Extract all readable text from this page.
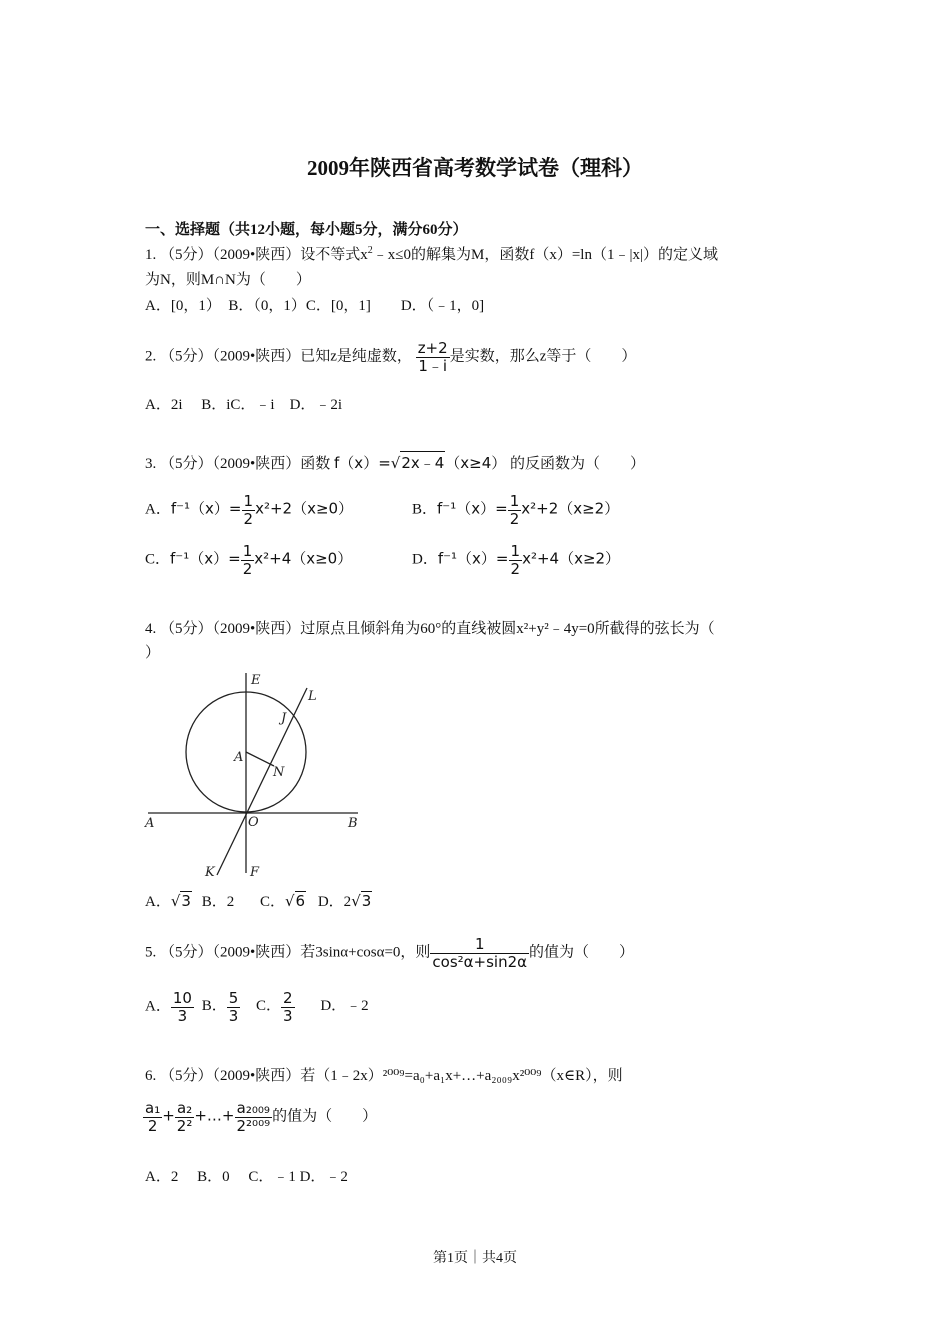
2009年陕西省高考数学试卷（理科）
一、选择题（共12小题，每小题5分，满分60分）
1. （5分）（2009•陕西）设不等式$x^2﹣x\le 0$的解集为M，函数f（x）=ln（1﹣|x|）的定义域
为N，则M∩N为（　　）
A．[0，1）　B．（0，1）C．[0，1]　　D．（﹣1，0]
2. （5分）（2009•陕西）已知z是纯虚数， $\frac{z+2}{1﹣i}$ 是实数，那么z等于（　　）
A．2i　 B．iC．﹣i　D．﹣2i
3. （5分）（2009•陕西）函数 f（x）=√2x﹣4（x≥4） 的反函数为（　　）
A．$f^{-1}(x)= \frac{1}{2} x^2+2(x\ge 0)$	B．$f^{-1}(x)= \frac{1}{2} x^2+2(x\ge 2)$
C．$f^{-1}(x)= \frac{1}{2} x^2+4(x\ge 0)$	D．$f^{-1}(x)= \frac{1}{2} x^2+4(x\ge 2)$
4. （5分）（2009•陕西）过原点且倾斜角为60°的直线被圆x²+y²﹣4y=0所截得的弦长为（
）
E
L
J
A
N
A	O	B
K	F
A．√3 B．2 C．√6 D．2√3
5. （5分）（2009•陕西）若3sinα+cosα=0，则 $\frac{1}{\text{cos²α+sin2α}}$ 的值为（　　）
A． $\frac{10}{3}$ B． $\frac{5}{3}$ C． $\frac{2}{3}$ D．﹣2
6. （5分）（2009•陕西）若（1﹣2x）²⁰⁰⁹=a₀+a₁x+…+a₂₀₀₉x²⁰⁰⁹（x∈R），则
$\frac{\text{a₁}}{2} + \frac{\text{a₂}}{\text{2²}}$ +…+ $\frac{\text{a₂₀₀₉}}{\text{2²⁰⁰⁹}}$ 的值为（　　）
A．2　 B．0　 C．﹣1 D．﹣2
第1页｜共4页
